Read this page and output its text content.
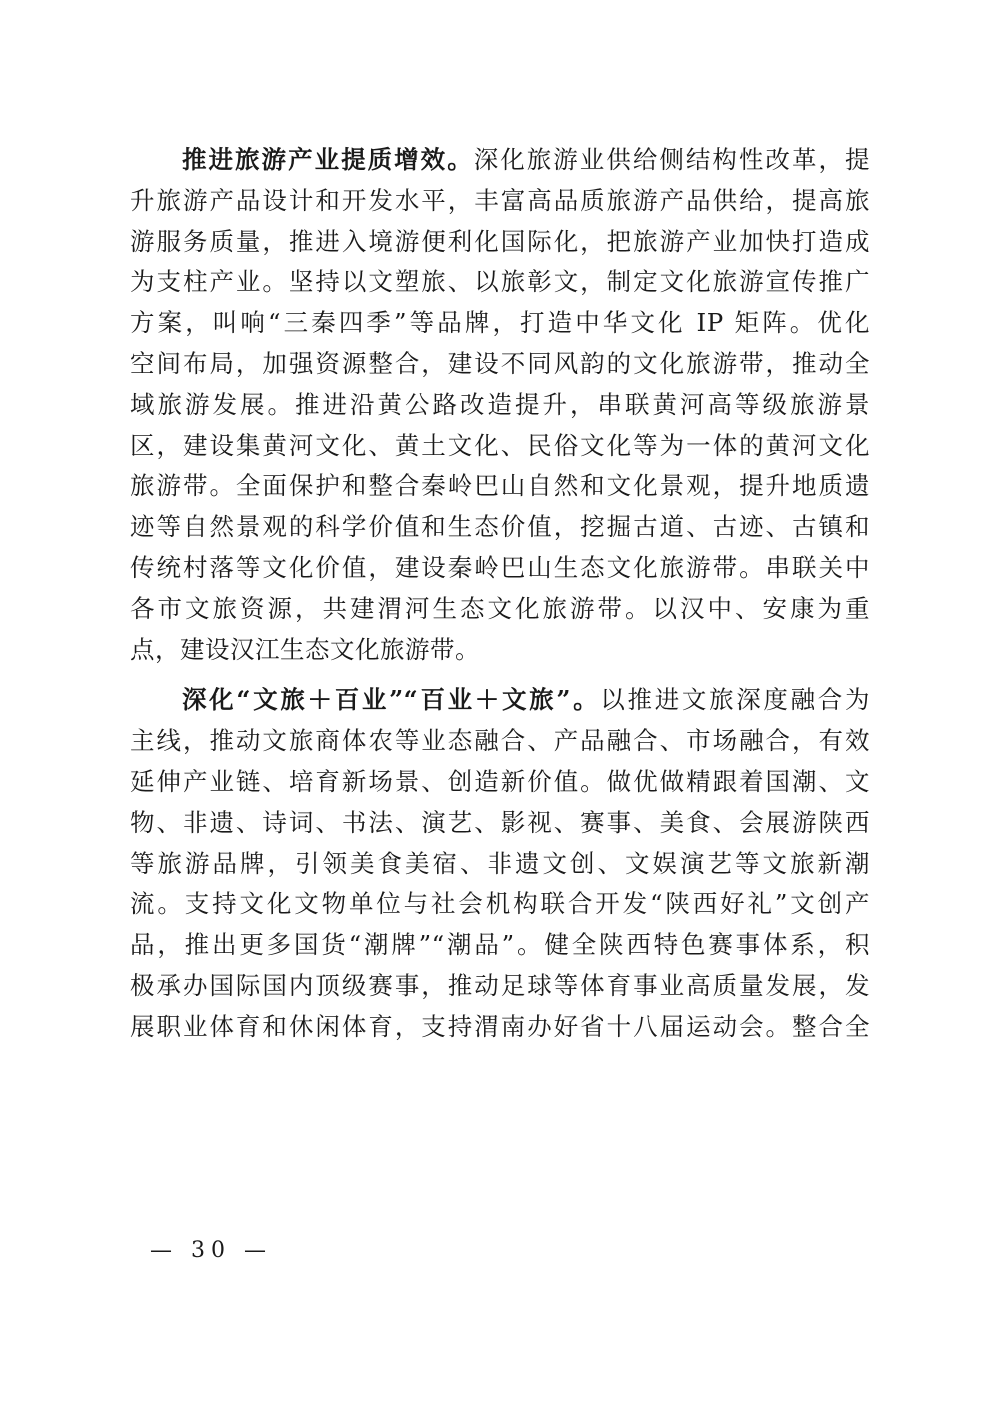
推进旅游产业提质增效。深化旅游业供给侧结构性改革，提
升旅游产品设计和开发水平，丰富高品质旅游产品供给，提高旅
游服务质量，推进入境游便利化国际化，把旅游产业加快打造成
为支柱产业。坚持以文塑旅、以旅彰文，制定文化旅游宣传推广
方案，叫响“三秦四季”等品牌，打造中华文化 IP 矩阵。优化
空间布局，加强资源整合，建设不同风韵的文化旅游带，推动全
域旅游发展。推进沿黄公路改造提升，串联黄河高等级旅游景
区，建设集黄河文化、黄土文化、民俗文化等为一体的黄河文化
旅游带。全面保护和整合秦岭巴山自然和文化景观，提升地质遗
迹等自然景观的科学价值和生态价值，挖掘古道、古迹、古镇和
传统村落等文化价值，建设秦岭巴山生态文化旅游带。串联关中
各市文旅资源，共建渭河生态文化旅游带。以汉中、安康为重
点，建设汉江生态文化旅游带。
深化“文旅＋百业”“百业＋文旅”。以推进文旅深度融合为
主线，推动文旅商体农等业态融合、产品融合、市场融合，有效
延伸产业链、培育新场景、创造新价值。做优做精跟着国潮、文
物、非遗、诗词、书法、演艺、影视、赛事、美食、会展游陕西
等旅游品牌，引领美食美宿、非遗文创、文娱演艺等文旅新潮
流。支持文化文物单位与社会机构联合开发“陕西好礼”文创产
品，推出更多国货“潮牌”“潮品”。健全陕西特色赛事体系，积
极承办国际国内顶级赛事，推动足球等体育事业高质量发展，发
展职业体育和休闲体育，支持渭南办好省十八届运动会。整合全
— 30 —
